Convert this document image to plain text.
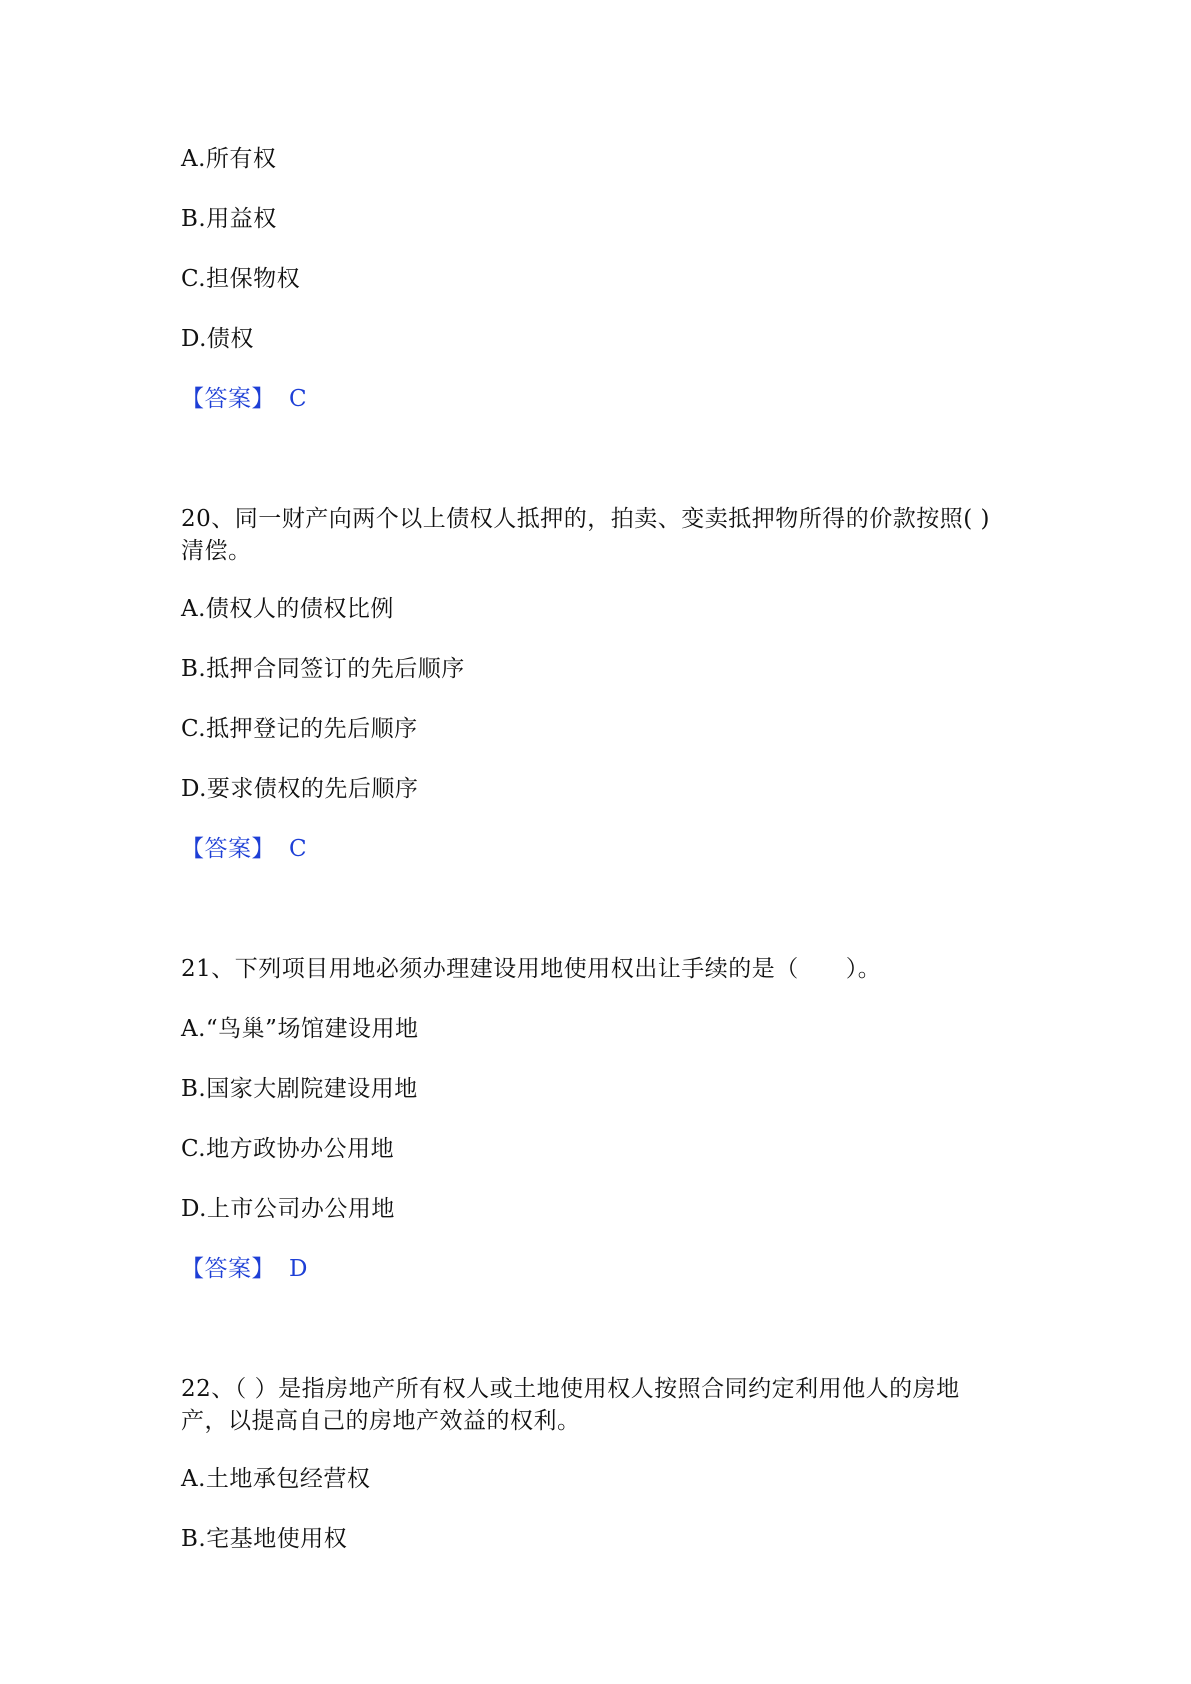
A.所有权

B.用益权

C.担保物权

D.债权

【答案】 C

20、同一财产向两个以上债权人抵押的，拍卖、变卖抵押物所得的价款按照( )

清偿。

A.债权人的债权比例

B.抵押合同签订的先后顺序

C.抵押登记的先后顺序

D.要求债权的先后顺序

【答案】 C

21、下列项目用地必须办理建设用地使用权出让手续的是（　　）。

A.“鸟巢”场馆建设用地

B.国家大剧院建设用地

C.地方政协办公用地

D.上市公司办公用地

【答案】 D

22、（ ）是指房地产所有权人或土地使用权人按照合同约定利用他人的房地

产，以提高自己的房地产效益的权利。

A.土地承包经营权

B.宅基地使用权
